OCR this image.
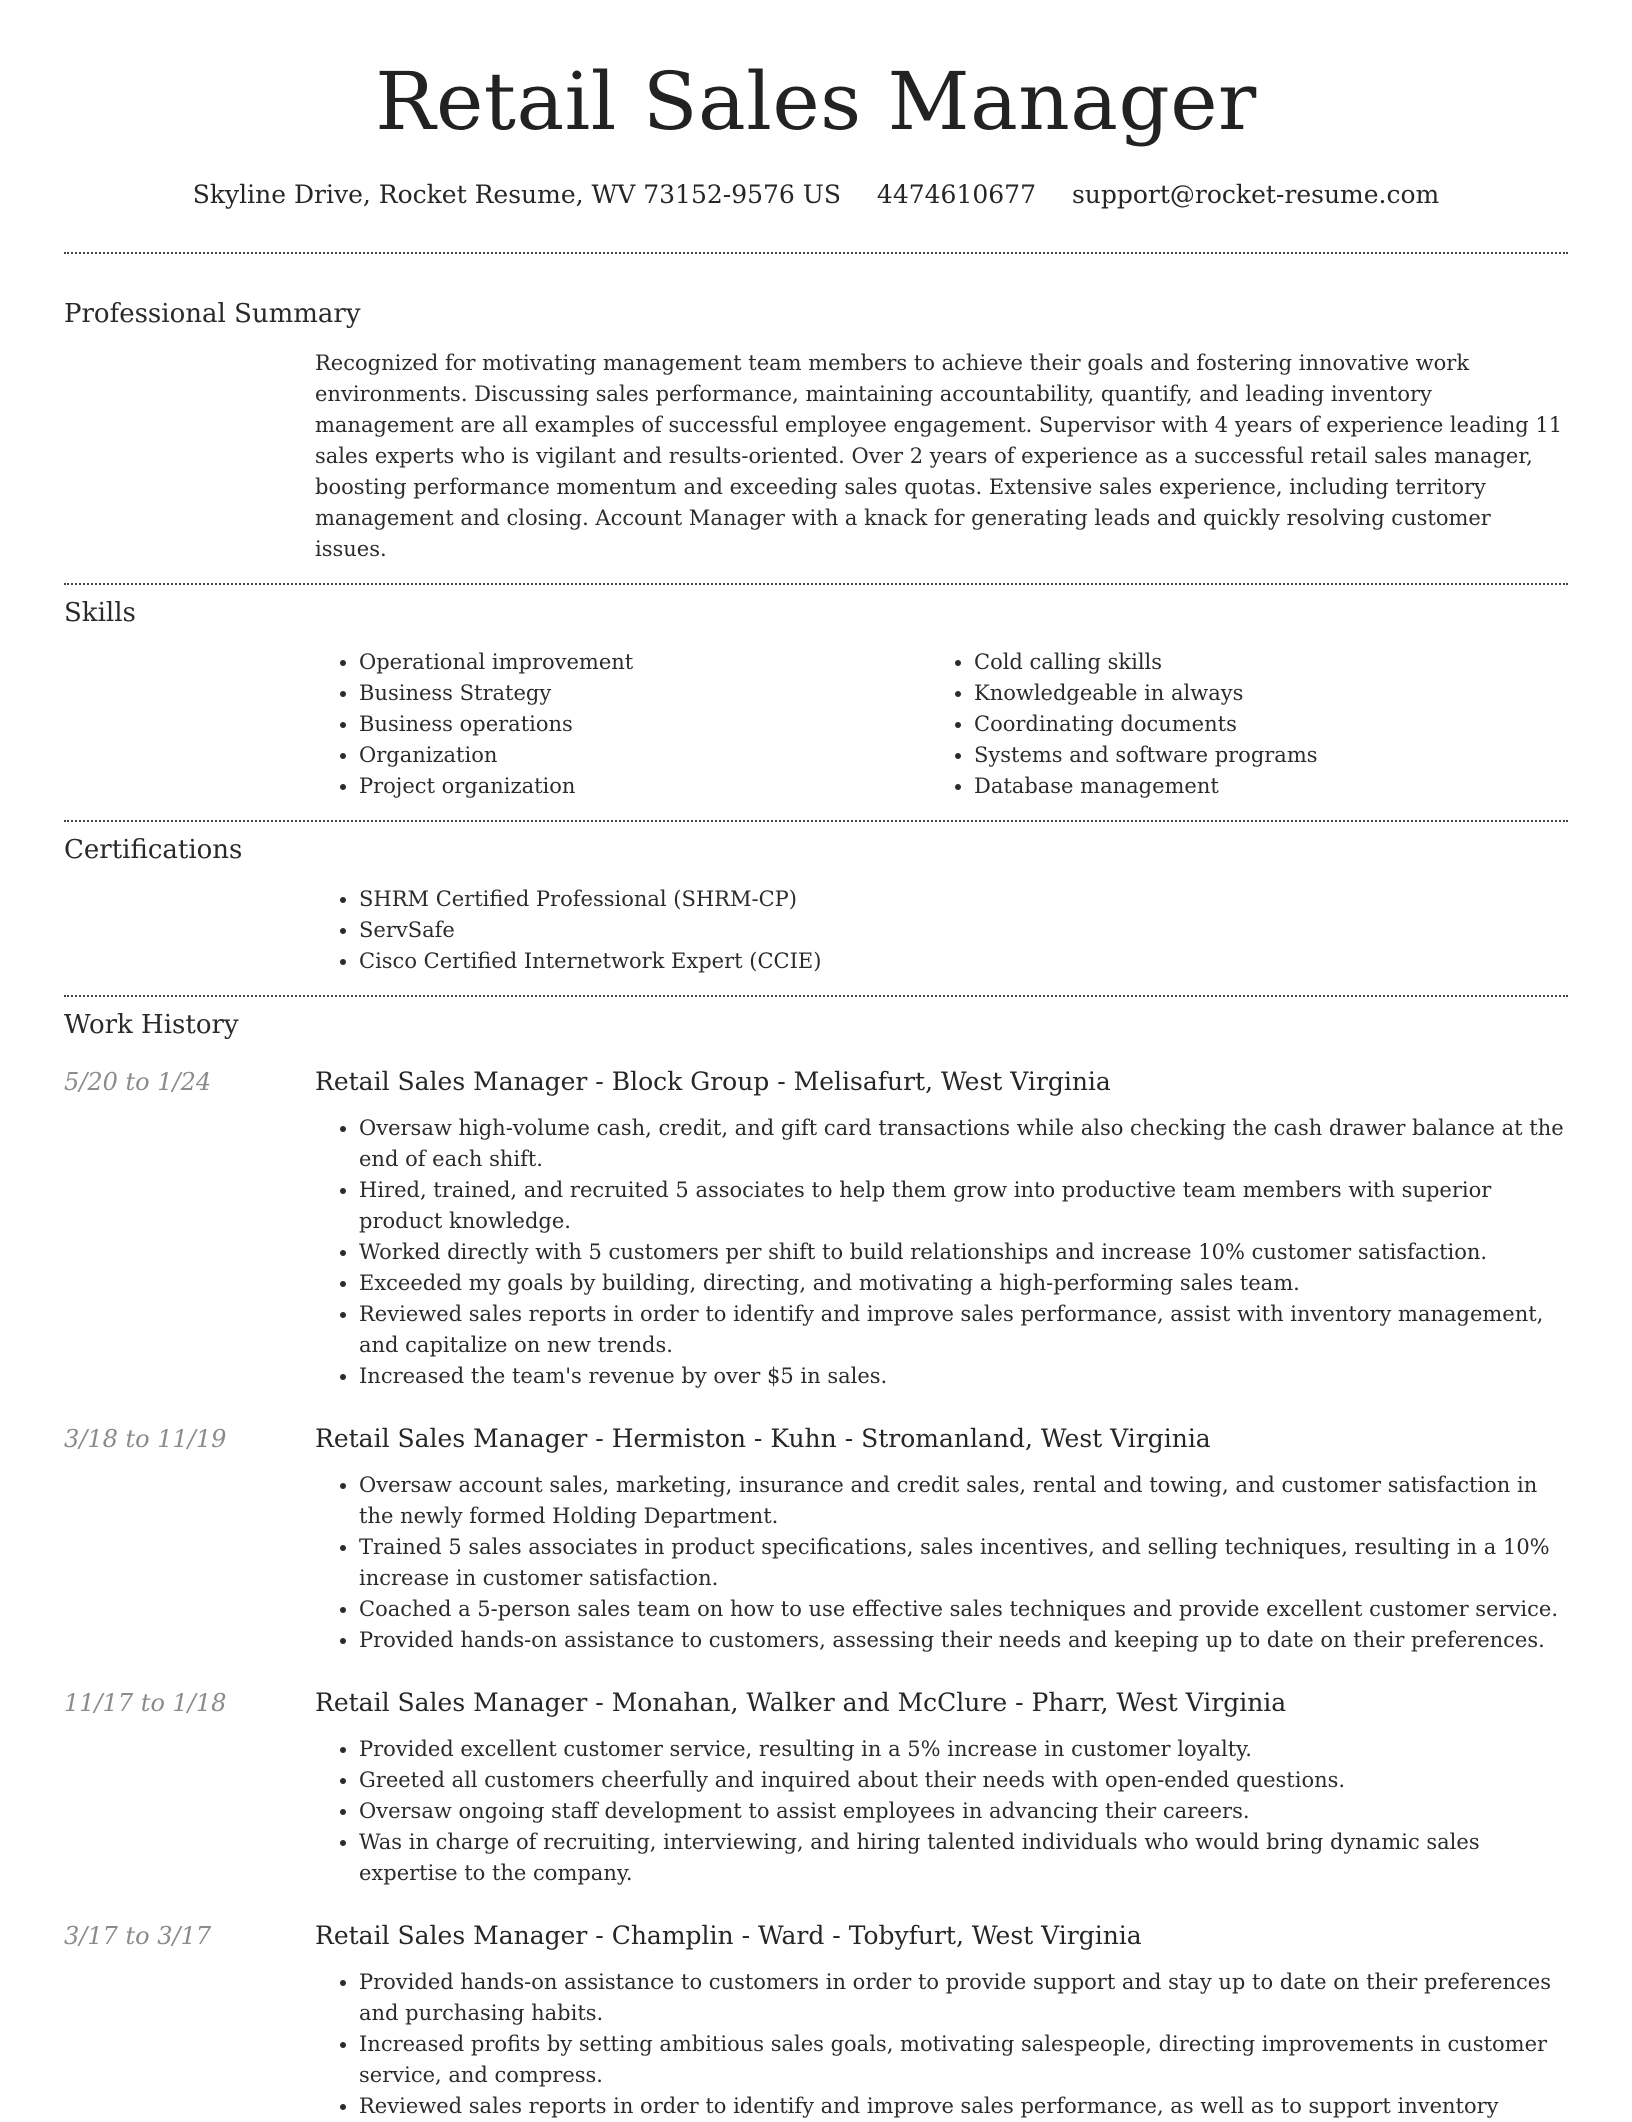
Retail Sales Manager
Skyline Drive, Rocket Resume, WV 73152-9576 US 4474610677 support@rocket-resume.com
Professional Summary
Recognized for motivating management team members to achieve their goals and fostering innovative work environments. Discussing sales performance, maintaining accountability, quantify, and leading inventory management are all examples of successful employee engagement. Supervisor with 4 years of experience leading 11 sales experts who is vigilant and results-oriented. Over 2 years of experience as a successful retail sales manager, boosting performance momentum and exceeding sales quotas. Extensive sales experience, including territory management and closing. Account Manager with a knack for generating leads and quickly resolving customer issues.
Skills
• Operational improvement
• Business Strategy
• Business operations
• Organization
• Project organization
• Cold calling skills
• Knowledgeable in always
• Coordinating documents
• Systems and software programs
• Database management
Certifications
• SHRM Certified Professional (SHRM-CP)
• ServSafe
• Cisco Certified Internetwork Expert (CCIE)
Work History
5/20 to 1/24	Retail Sales Manager - Block Group - Melisafurt, West Virginia
• Oversaw high-volume cash, credit, and gift card transactions while also checking the cash drawer balance at the end of each shift.
• Hired, trained, and recruited 5 associates to help them grow into productive team members with superior product knowledge.
• Worked directly with 5 customers per shift to build relationships and increase 10% customer satisfaction.
• Exceeded my goals by building, directing, and motivating a high-performing sales team.
• Reviewed sales reports in order to identify and improve sales performance, assist with inventory management, and capitalize on new trends.
• Increased the team's revenue by over $5 in sales.
3/18 to 11/19	Retail Sales Manager - Hermiston - Kuhn - Stromanland, West Virginia
• Oversaw account sales, marketing, insurance and credit sales, rental and towing, and customer satisfaction in the newly formed Holding Department.
• Trained 5 sales associates in product specifications, sales incentives, and selling techniques, resulting in a 10% increase in customer satisfaction.
• Coached a 5-person sales team on how to use effective sales techniques and provide excellent customer service.
• Provided hands-on assistance to customers, assessing their needs and keeping up to date on their preferences.
11/17 to 1/18	Retail Sales Manager - Monahan, Walker and McClure - Pharr, West Virginia
• Provided excellent customer service, resulting in a 5% increase in customer loyalty.
• Greeted all customers cheerfully and inquired about their needs with open-ended questions.
• Oversaw ongoing staff development to assist employees in advancing their careers.
• Was in charge of recruiting, interviewing, and hiring talented individuals who would bring dynamic sales expertise to the company.
3/17 to 3/17	Retail Sales Manager - Champlin - Ward - Tobyfurt, West Virginia
• Provided hands-on assistance to customers in order to provide support and stay up to date on their preferences and purchasing habits.
• Increased profits by setting ambitious sales goals, motivating salespeople, directing improvements in customer service, and compress.
• Reviewed sales reports in order to identify and improve sales performance, as well as to support inventory
